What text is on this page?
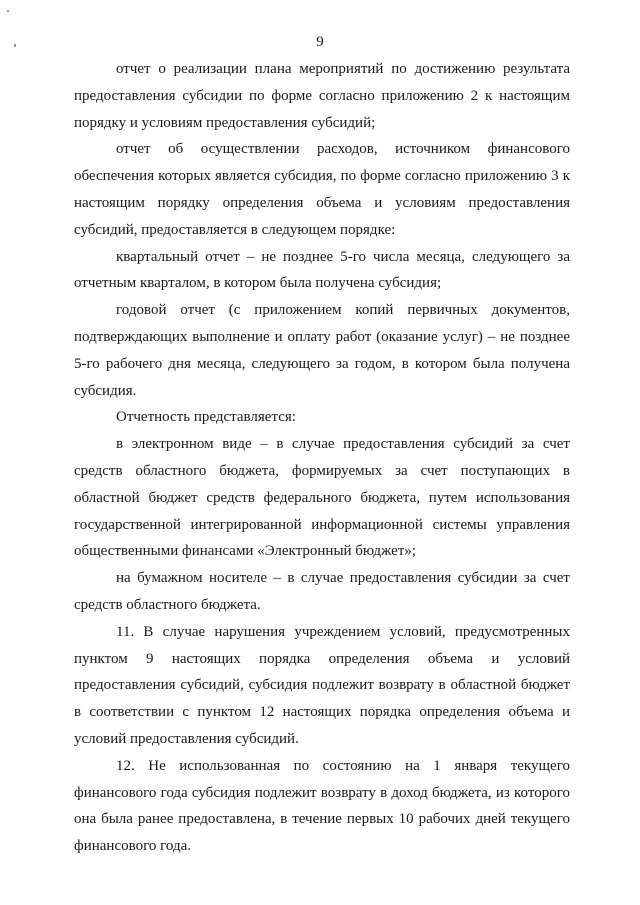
9

отчет о реализации плана мероприятий по достижению результата предоставления субсидии по форме согласно приложению 2 к настоящим порядку и условиям предоставления субсидий;

отчет об осуществлении расходов, источником финансового обеспечения которых является субсидия, по форме согласно приложению 3 к настоящим порядку определения объема и условиям предоставления субсидий, предоставляется в следующем порядке:

квартальный отчет – не позднее 5-го числа месяца, следующего за отчетным кварталом, в котором была получена субсидия;

годовой отчет (с приложением копий первичных документов, подтверждающих выполнение и оплату работ (оказание услуг) – не позднее 5-го рабочего дня месяца, следующего за годом, в котором была получена субсидия.

Отчетность представляется:

в электронном виде – в случае предоставления субсидий за счет средств областного бюджета, формируемых за счет поступающих в областной бюджет средств федерального бюджета, путем использования государственной интегрированной информационной системы управления общественными финансами «Электронный бюджет»;

на бумажном носителе – в случае предоставления субсидии за счет средств областного бюджета.

11. В случае нарушения учреждением условий, предусмотренных пунктом 9 настоящих порядка определения объема и условий предоставления субсидий, субсидия подлежит возврату в областной бюджет в соответствии с пунктом 12 настоящих порядка определения объема и условий предоставления субсидий.

12. Не использованная по состоянию на 1 января текущего финансового года субсидия подлежит возврату в доход бюджета, из которого она была ранее предоставлена, в течение первых 10 рабочих дней текущего финансового года.
